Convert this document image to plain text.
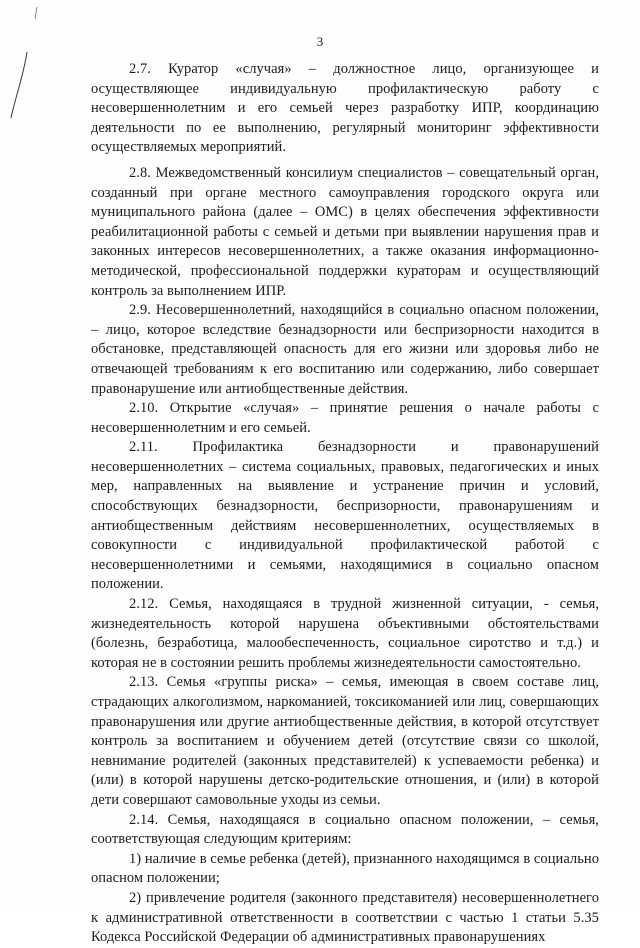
3

2.7. Куратор «случая» – должностное лицо, организующее и осуществляющее индивидуальную профилактическую работу с несовершеннолетним и его семьей через разработку ИПР, координацию деятельности по ее выполнению, регулярный мониторинг эффективности осуществляемых мероприятий.

2.8. Межведомственный консилиум специалистов – совещательный орган, созданный при органе местного самоуправления городского округа или муниципального района (далее – ОМС) в целях обеспечения эффективности реабилитационной работы с семьей и детьми при выявлении нарушения прав и законных интересов несовершеннолетних, а также оказания информационно-методической, профессиональной поддержки кураторам и осуществляющий контроль за выполнением ИПР.

2.9. Несовершеннолетний, находящийся в социально опасном положении, – лицо, которое вследствие безнадзорности или беспризорности находится в обстановке, представляющей опасность для его жизни или здоровья либо не отвечающей требованиям к его воспитанию или содержанию, либо совершает правонарушение или антиобщественные действия.

2.10. Открытие «случая» – принятие решения о начале работы с несовершеннолетним и его семьей.

2.11. Профилактика безнадзорности и правонарушений несовершеннолетних – система социальных, правовых, педагогических и иных мер, направленных на выявление и устранение причин и условий, способствующих безнадзорности, беспризорности, правонарушениям и антиобщественным действиям несовершеннолетних, осуществляемых в совокупности с индивидуальной профилактической работой с несовершеннолетними и семьями, находящимися в социально опасном положении.

2.12. Семья, находящаяся в трудной жизненной ситуации, - семья, жизнедеятельность которой нарушена объективными обстоятельствами (болезнь, безработица, малообеспеченность, социальное сиротство и т.д.) и которая не в состоянии решить проблемы жизнедеятельности самостоятельно.

2.13. Семья «группы риска» – семья, имеющая в своем составе лиц, страдающих алкоголизмом, наркоманией, токсикоманией или лиц, совершающих правонарушения или другие антиобщественные действия, в которой отсутствует контроль за воспитанием и обучением детей (отсутствие связи со школой, невнимание родителей (законных представителей) к успеваемости ребенка) и (или) в которой нарушены детско-родительские отношения, и (или) в которой дети совершают самовольные уходы из семьи.

2.14. Семья, находящаяся в социально опасном положении, – семья, соответствующая следующим критериям:

1) наличие в семье ребенка (детей), признанного находящимся в социально опасном положении;

2) привлечение родителя (законного представителя) несовершеннолетнего к административной ответственности в соответствии с частью 1 статьи 5.35 Кодекса Российской Федерации об административных правонарушениях
